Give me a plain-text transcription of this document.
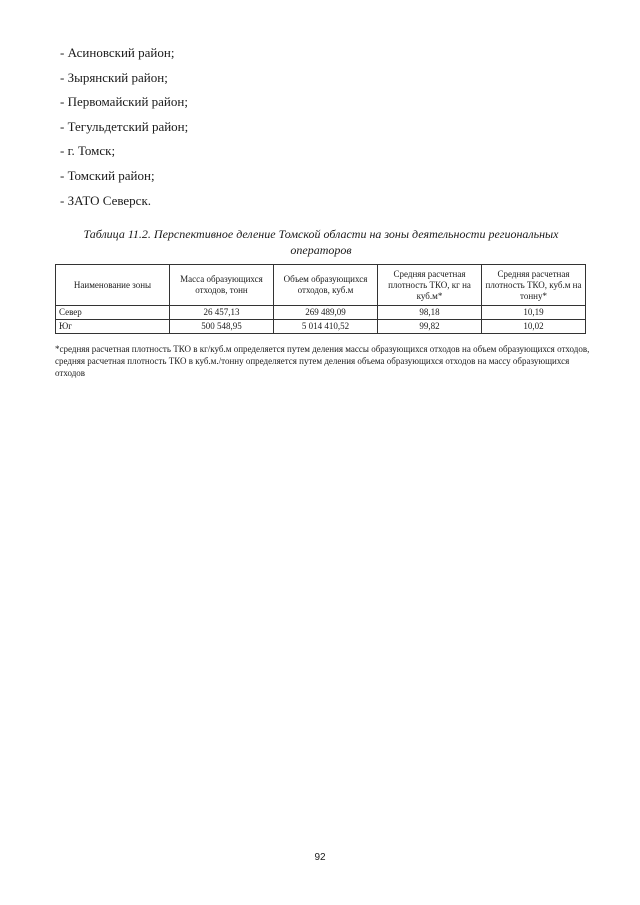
- Асиновский район;
- Зырянский район;
- Первомайский район;
- Тегульдетский район;
- г. Томск;
- Томский район;
- ЗАТО Северск.
Таблица 11.2. Перспективное деление Томской области на зоны деятельности региональных операторов
Наименование зоны	Масса образующихся отходов, тонн	Объем образующихся отходов, куб.м	Средняя расчетная плотность ТКО, кг на куб.м*	Средняя расчетная плотность ТКО, куб.м на тонну*
Север	26 457,13	269 489,09	98,18	10,19
Юг	500 548,95	5 014 410,52	99,82	10,02
*средняя расчетная плотность ТКО в кг/куб.м определяется путем деления массы образующихся отходов на объем образующихся отходов, средняя расчетная плотность ТКО в куб.м./тонну определяется путем деления объема образующихся отходов на массу образующихся отходов
92
